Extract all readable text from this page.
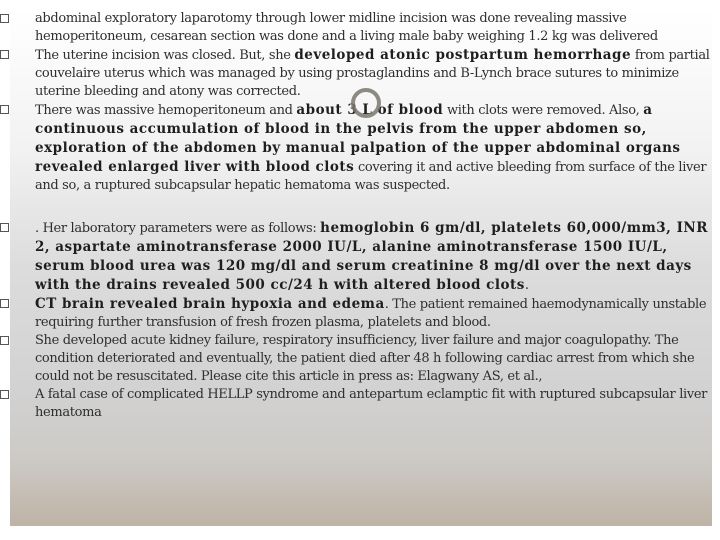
abdominal exploratory laparotomy through lower midline incision was done revealing massive hemoperitoneum, cesarean section was done and a living male baby weighing 1.2 kg was delivered
The uterine incision was closed. But, she developed atonic postpartum hemorrhage from partial couvelaire uterus which was managed by using prostaglandins and B-Lynch brace sutures to minimize uterine bleeding and atony was corrected.
There was massive hemoperitoneum and about 3 L of blood with clots were removed. Also, a continuous accumulation of blood in the pelvis from the upper abdomen so, exploration of the abdomen by manual palpation of the upper abdominal organs revealed enlarged liver with blood clots covering it and active bleeding from surface of the liver and so, a ruptured subcapsular hepatic hematoma was suspected.
. Her laboratory parameters were as follows: hemoglobin 6 gm/dl, platelets 60,000/mm3, INR 2, aspartate aminotransferase 2000 IU/L, alanine aminotransferase 1500 IU/L, serum blood urea was 120 mg/dl and serum creatinine 8 mg/dl over the next days with the drains revealed 500 cc/24 h with altered blood clots.
CT brain revealed brain hypoxia and edema. The patient remained haemodynamically unstable requiring further transfusion of fresh frozen plasma, platelets and blood.
She developed acute kidney failure, respiratory insufficiency, liver failure and major coagulopathy. The condition deteriorated and eventually, the patient died after 48 h following cardiac arrest from which she could not be resuscitated. Please cite this article in press as: Elagwany AS, et al.,
A fatal case of complicated HELLP syndrome and antepartum eclamptic fit with ruptured subcapsular liver hematoma
